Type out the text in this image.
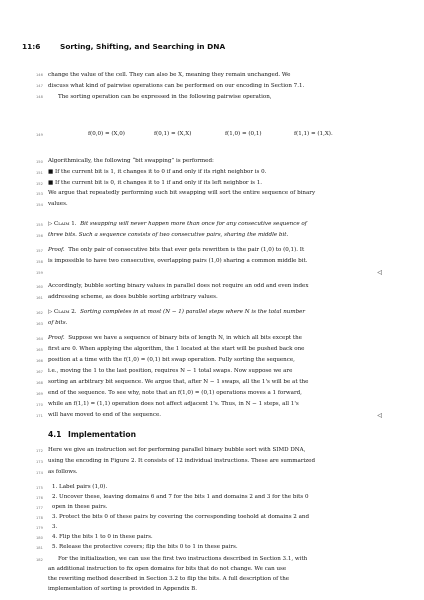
11:6	Sorting, Shifting, and Searching in DNA
146
147
148
149
150
151
152
153
154
155
156
157
158
159
160
161
162
163
164
165
166
167
168
169
170
171
172
173
174
175
176
177
178
179
180
181
182
change the value of the cell. They can also be X, meaning they remain unchanged. We
discuss what kind of pairwise operations can be performed on our encoding in Section 7.1.
The sorting operation can be expressed in the following pairwise operation,
f(0,0) = (X,0)	f(0,1) = (X,X)	f(1,0) = (0,1)	f(1,1) = (1,X).
Algorithmically, the following “bit swapping” is performed:
■ If the current bit is 1, it changes it to 0 if and only if its right neighbor is 0.
■ If the current bit is 0, it changes it to 1 if and only if its left neighbor is 1.
We argue that repeatedly performing such bit swapping will sort the entire sequence of binary
values.
▷ Claim 1. Bit swapping will never happen more than once for any consecutive sequence of
three bits. Such a sequence consists of two consecutive pairs, sharing the middle bit.
Proof. The only pair of consecutive bits that ever gets rewritten is the pair (1,0) to (0,1). It
is impossible to have two consecutive, overlapping pairs (1,0) sharing a common middle bit.
◁
Accordingly, bubble sorting binary values in parallel does not require an odd and even index
addressing scheme, as does bubble sorting arbitrary values.
▷ Claim 2. Sorting completes in at most (N − 1) parallel steps where N is the total number
of bits.
Proof. Suppose we have a sequence of binary bits of length N, in which all bits except the
first are 0. When applying the algorithm, the 1 located at the start will be pushed back one
position at a time with the f(1,0) = (0,1) bit swap operation. Fully sorting the sequence,
i.e., moving the 1 to the last position, requires N − 1 total swaps. Now suppose we are
sorting an arbitrary bit sequence. We argue that, after N − 1 swaps, all the 1's will be at the
end of the sequence. To see why, note that an f(1,0) = (0,1) operations moves a 1 forward,
while an f(1,1) = (1,1) operation does not affect adjacent 1's. Thus, in N − 1 steps, all 1's
will have moved to end of the sequence.	◁
4.1 Implementation
Here we give an instruction set for performing parallel binary bubble sort with SIMD DNA,
using the encoding in Figure 2. It consists of 12 individual instructions. These are summarized
as follows.
1. Label pairs (1,0).
2. Uncover these, leaving domains 6 and 7 for the bits 1 and domains 2 and 3 for the bits 0
open in these pairs.
3. Protect the bits 0 of these pairs by covering the corresponding toehold at domains 2 and
3.
4. Flip the bits 1 to 0 in these pairs.
5. Release the protective covers; flip the bits 0 to 1 in these pairs.
For the initialization, we can use the first two instructions described in Section 3.1, with
an additional instruction to fix open domains for bits that do not change. We can use
the rewriting method described in Section 3.2 to flip the bits. A full description of the
implementation of sorting is provided in Appendix B.
